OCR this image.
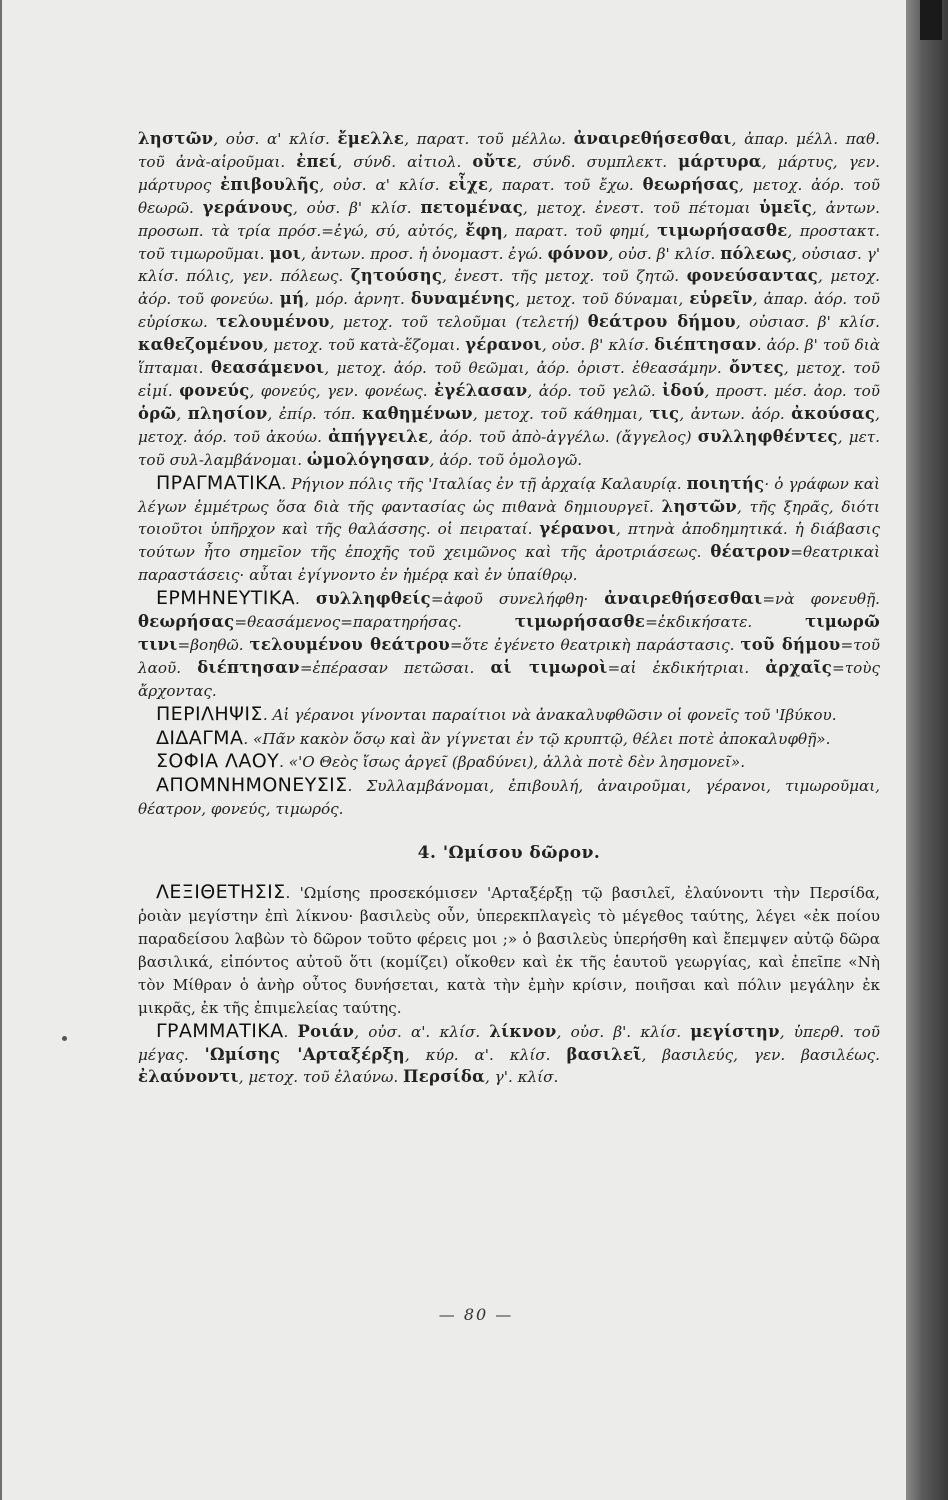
ληστῶν, οὐσ. α' κλίσ. ἔμελλε, παρατ. τοῦ μέλλω. ἀναιρεθήσεσθαι, ἀπαρ. μέλλ. παθ. τοῦ ἀνὰ-αἱροῦμαι. ἐπεί, σύνδ. αἰτιολ. οὔτε, σύνδ. συμπλεκτ. μάρτυρα, μάρτυς, γεν. μάρτυρος ἐπιβουλῆς, οὐσ. α' κλίσ. εἶχε, παρατ. τοῦ ἔχω. θεωρήσας, μετοχ. ἀόρ. τοῦ θεωρῶ. γεράνους, οὐσ. β' κλίσ. πετομένας, μετοχ. ἐνεστ. τοῦ πέτομαι ὑμεῖς, ἀντων. προσωπ. τὰ τρία πρόσ.=ἐγώ, σύ, αὐτός, ἔφη, παρατ. τοῦ φημί, τιμωρήσασθε, προστακτ. τοῦ τιμωροῦμαι. μοι, ἀντων. προσ. ἡ ὀνομαστ. ἐγώ. φόνον, οὐσ. β' κλίσ. πόλεως, οὐσιασ. γ' κλίσ. πόλις, γεν. πόλεως. ζητούσης, ἐνεστ. τῆς μετοχ. τοῦ ζητῶ. φονεύσαντας, μετοχ. ἀόρ. τοῦ φονεύω. μή, μόρ. ἀρνητ. δυναμένης, μετοχ. τοῦ δύναμαι, εὑρεῖν, ἀπαρ. ἀόρ. τοῦ εὑρίσκω. τελουμένου, μετοχ. τοῦ τελοῦμαι (τελετή) θεάτρου δήμου, οὐσιασ. β' κλίσ. καθεζομένου, μετοχ. τοῦ κατὰ-ἕζομαι. γέρανοι, οὐσ. β' κλίσ. διέπτησαν. ἀόρ. β' τοῦ διὰ ἵπταμαι. θεασάμενοι, μετοχ. ἀόρ. τοῦ θεῶμαι, ἀόρ. ὁριστ. ἐθεασάμην. ὄντες, μετοχ. τοῦ εἰμί. φονεύς, φονεύς, γεν. φονέως. ἐγέλασαν, ἀόρ. τοῦ γελῶ. ἰδού, προστ. μέσ. ἀορ. τοῦ ὁρῶ, πλησίον, ἐπίρ. τόπ. καθημένων, μετοχ. τοῦ κάθημαι, τις, ἀντων. ἀόρ. ἀκούσας, μετοχ. ἀόρ. τοῦ ἀκούω. ἀπήγγειλε, ἀόρ. τοῦ ἀπὸ-ἀγγέλω. (ἄγγελος) συλληφθέντες, μετ. τοῦ συλ-λαμβάνομαι. ὡμολόγησαν, ἀόρ. τοῦ ὁμολογῶ.

ΠΡΑΓΜΑΤΙΚΑ. Ρήγιον πόλις τῆς 'Ιταλίας ἐν τῇ ἀρχαίᾳ Καλαυρίᾳ. ποιητής· ὁ γράφων καὶ λέγων ἐμμέτρως ὅσα διὰ τῆς φαντασίας ὡς πιθανὰ δημιουργεῖ. ληστῶν, τῆς ξηρᾶς, διότι τοιοῦτοι ὑπῆρχον καὶ τῆς θαλάσσης. οἱ πειραταί. γέρανοι, πτηνὰ ἀποδημητικά. ἡ διάβασις τούτων ἦτο σημεῖον τῆς ἐποχῆς τοῦ χειμῶνος καὶ τῆς ἀροτριάσεως. θέατρον=θεατρικαὶ παραστάσεις· αὗται ἐγίγνοντο ἐν ἡμέρᾳ καὶ ἐν ὑπαίθρῳ.

ΕΡΜΗΝΕΥΤΙΚΑ. συλληφθείς=ἀφοῦ συνελήφθη· ἀναιρεθήσεσθαι=νὰ φονευθῇ. θεωρήσας=θεασάμενος=παρατηρήσας. τιμωρήσασθε=ἐκδικήσατε. τιμωρῶ τινι=βοηθῶ. τελουμένου θεάτρου=ὅτε ἐγένετο θεατρικὴ παράστασις. τοῦ δήμου=τοῦ λαοῦ. διέπτησαν=ἐπέρασαν πετῶσαι. αἱ τιμωροὶ=αἱ ἐκδικήτριαι. ἀρχαῖς=τοὺς ἄρχοντας.

ΠΕΡΙΛΗΨΙΣ. Αἱ γέρανοι γίνονται παραίτιοι νὰ ἀνακαλυφθῶσιν οἱ φονεῖς τοῦ 'Ιβύκου.

ΔΙΔΑΓΜΑ. «Πᾶν κακὸν ὅσῳ καὶ ἂν γίγνεται ἐν τῷ κρυπτῷ, θέλει ποτὲ ἀποκαλυφθῇ».

ΣΟΦΙΑ ΛΑΟΥ. «'Ο Θεὸς ἴσως ἀργεῖ (βραδύνει), ἀλλὰ ποτὲ δὲν λησμονεῖ».

ΑΠΟΜΝΗΜΟΝΕΥΣΙΣ. Συλλαμβάνομαι, ἐπιβουλή, ἀναιροῦμαι, γέρανοι, τιμωροῦμαι, θέατρον, φονεύς, τιμωρός.

4. 'Ωμίσου δῶρον.

ΛΕΞΙΘΕΤΗΣΙΣ. 'Ωμίσης προσεκόμισεν 'Αρταξέρξῃ τῷ βασιλεῖ, ἐλαύνοντι τὴν Περσίδα, ῥοιὰν μεγίστην ἐπὶ λίκνου· βασιλεὺς οὖν, ὑπερεκπλαγεὶς τὸ μέγεθος ταύτης, λέγει «ἐκ ποίου παραδείσου λαβὼν τὸ δῶρον τοῦτο φέρεις μοι ;» ὁ βασιλεὺς ὑπερήσθη καὶ ἔπεμψεν αὐτῷ δῶρα βασιλικά, εἰπόντος αὐτοῦ ὅτι (κομίζει) οἴκοθεν καὶ ἐκ τῆς ἑαυτοῦ γεωργίας, καὶ ἐπεῖπε «Νὴ τὸν Μίθραν ὁ ἀνὴρ οὗτος δυνήσεται, κατὰ τὴν ἐμὴν κρίσιν, ποιῆσαι καὶ πόλιν μεγάλην ἐκ μικρᾶς, ἐκ τῆς ἐπιμελείας ταύτης.

ΓΡΑΜΜΑΤΙΚΑ. Ροιάν, οὐσ. α'. κλίσ. λίκνον, οὐσ. β'. κλίσ. μεγίστην, ὑπερθ. τοῦ μέγας. 'Ωμίσης 'Αρταξέρξη, κύρ. α'. κλίσ. βασιλεῖ, βασιλεύς, γεν. βασιλέως. ἐλαύνοντι, μετοχ. τοῦ ἐλαύνω. Περσίδα, γ'. κλίσ.

— 80 —
